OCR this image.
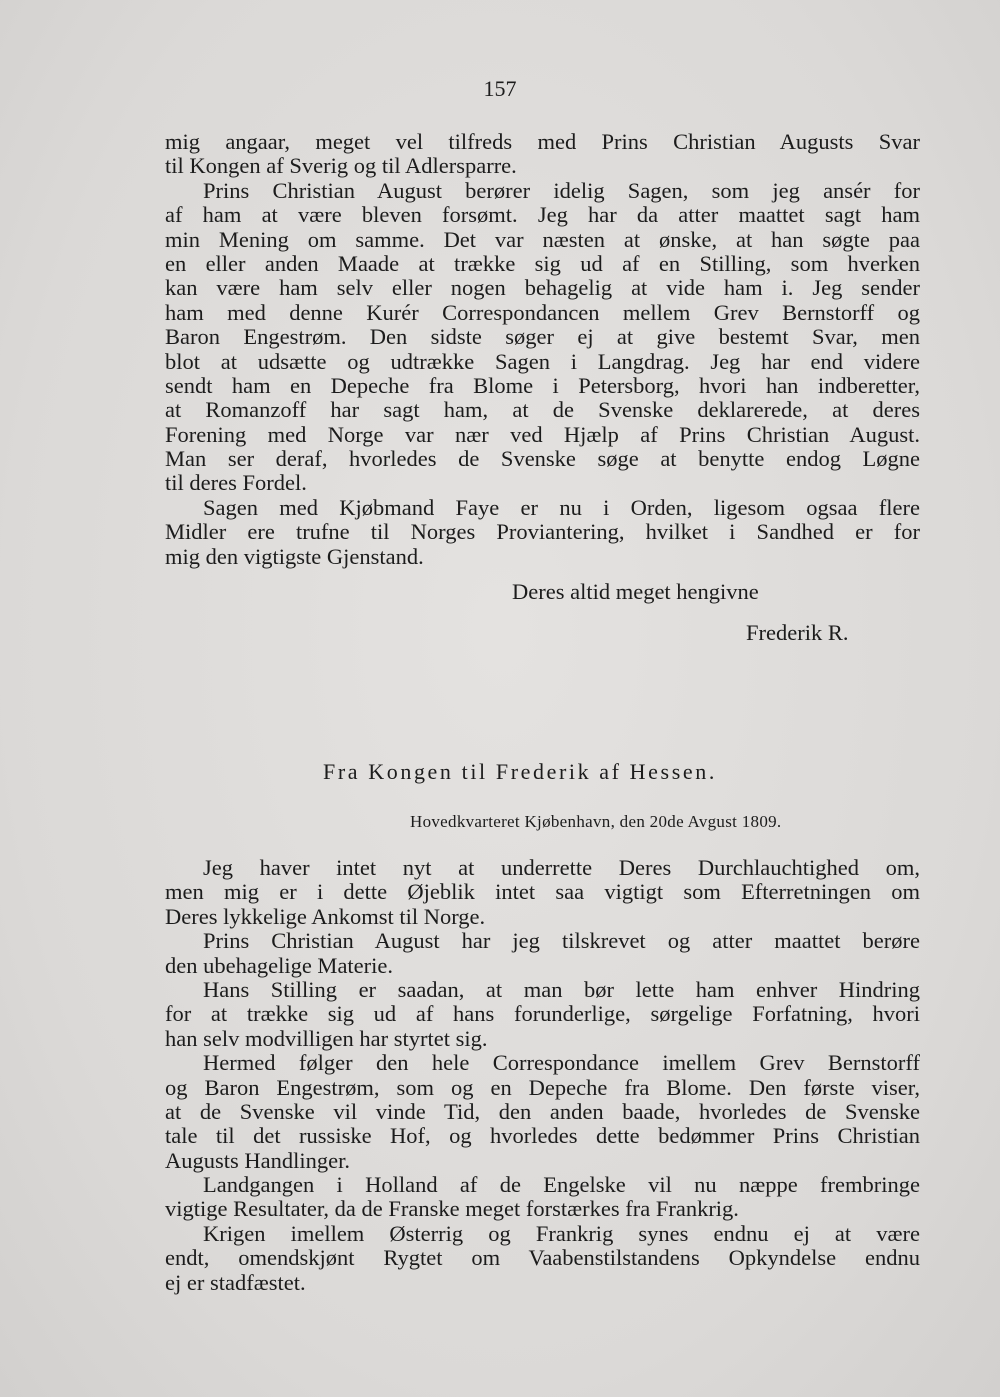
157
mig angaar, meget vel tilfreds med Prins Christian Augusts Svar
til Kongen af Sverig og til Adlersparre.
Prins Christian August berører idelig Sagen, som jeg ansér for
af ham at være bleven forsømt. Jeg har da atter maattet sagt ham
min Mening om samme. Det var næsten at ønske, at han søgte paa
en eller anden Maade at trække sig ud af en Stilling, som hverken
kan være ham selv eller nogen behagelig at vide ham i. Jeg sender
ham med denne Kurér Correspondancen mellem Grev Bernstorff og
Baron Engestrøm. Den sidste søger ej at give bestemt Svar, men
blot at udsætte og udtrække Sagen i Langdrag. Jeg har end videre
sendt ham en Depeche fra Blome i Petersborg, hvori han indberetter,
at Romanzoff har sagt ham, at de Svenske deklarerede, at deres
Forening med Norge var nær ved Hjælp af Prins Christian August.
Man ser deraf, hvorledes de Svenske søge at benytte endog Løgne
til deres Fordel.
Sagen med Kjøbmand Faye er nu i Orden, ligesom ogsaa flere
Midler ere trufne til Norges Proviantering, hvilket i Sandhed er for
mig den vigtigste Gjenstand.
Deres altid meget hengivne
Frederik R.
Fra Kongen til Frederik af Hessen.
Hovedkvarteret Kjøbenhavn, den 20de Avgust 1809.
Jeg haver intet nyt at underrette Deres Durchlauchtighed om,
men mig er i dette Øjeblik intet saa vigtigt som Efterretningen om
Deres lykkelige Ankomst til Norge.
Prins Christian August har jeg tilskrevet og atter maattet berøre
den ubehagelige Materie.
Hans Stilling er saadan, at man bør lette ham enhver Hindring
for at trække sig ud af hans forunderlige, sørgelige Forfatning, hvori
han selv modvilligen har styrtet sig.
Hermed følger den hele Correspondance imellem Grev Bernstorff
og Baron Engestrøm, som og en Depeche fra Blome. Den første viser,
at de Svenske vil vinde Tid, den anden baade, hvorledes de Svenske
tale til det russiske Hof, og hvorledes dette bedømmer Prins Christian
Augusts Handlinger.
Landgangen i Holland af de Engelske vil nu næppe frembringe
vigtige Resultater, da de Franske meget forstærkes fra Frankrig.
Krigen imellem Østerrig og Frankrig synes endnu ej at være
endt, omendskjønt Rygtet om Vaabenstilstandens Opkyndelse endnu
ej er stadfæstet.
